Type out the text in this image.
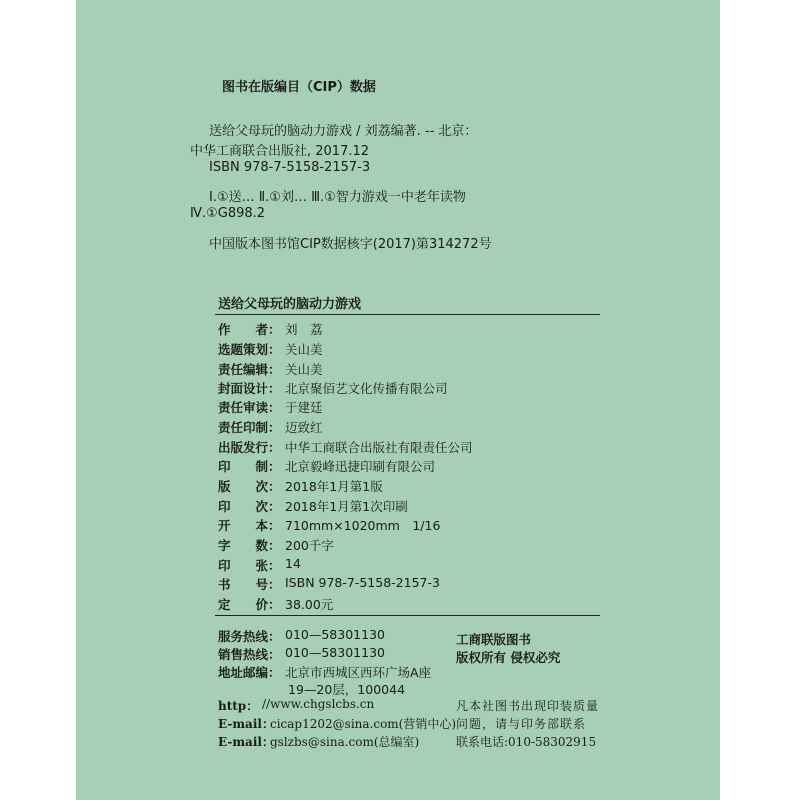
图书在版编目（CIP）数据
送给父母玩的脑动力游戏 / 刘荔编著. -- 北京：
中华工商联合出版社, 2017.12
ISBN 978-7-5158-2157-3
Ⅰ.①送… Ⅱ.①刘… Ⅲ.①智力游戏一中老年读物
Ⅳ.①G898.2
中国版本图书馆CIP数据核字(2017)第314272号
送给父母玩的脑动力游戏
作　　者： 刘　荔
选题策划： 关山美
责任编辑： 关山美
封面设计： 北京聚佰艺文化传播有限公司
责任审读： 于建廷
责任印制： 迈致红
出版发行： 中华工商联合出版社有限责任公司
印　　制： 北京毅峰迅捷印刷有限公司
版　　次： 2018年1月第1版
印　　次： 2018年1月第1次印刷
开　　本： 710mm×1020mm　1/16
字　　数： 200千字
印　　张： 14
书　　号： ISBN 978-7-5158-2157-3
定　　价： 38.00元
服务热线： 010—58301130
销售热线： 010—58301130
地址邮编： 北京市西城区西环广场A座
19—20层，100044
工商联版图书
版权所有 侵权必究
http： //www.chgslcbs.cn
E-mail：
cicap1202@sina.com(营销中心)
E-mail：
gslzbs@sina.com(总编室)
凡本社图书出现印装质量
问题，请与印务部联系
联系电话:010-58302915
